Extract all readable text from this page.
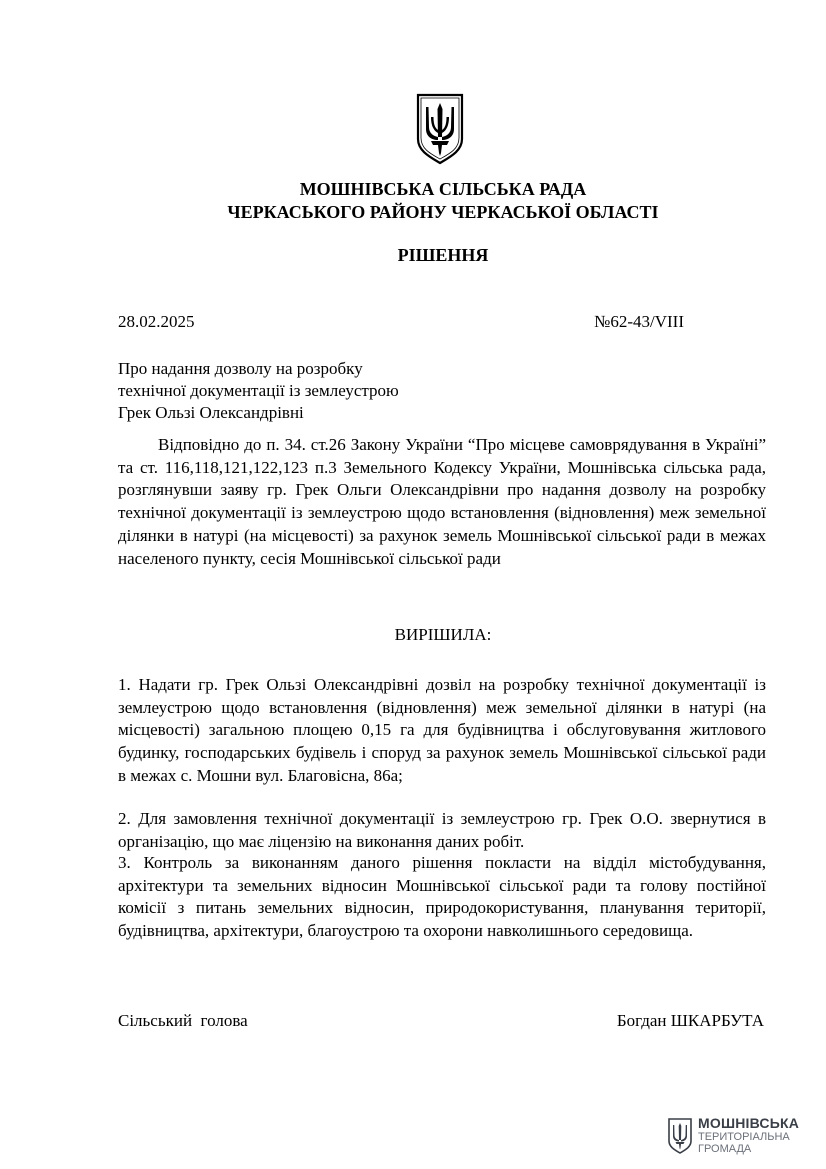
МОШНІВСЬКА СІЛЬСЬКА РАДА
ЧЕРКАСЬКОГО РАЙОНУ ЧЕРКАСЬКОЇ ОБЛАСТІ
РІШЕННЯ
28.02.2025	№62-43/VIII
Про надання дозволу на розробку
технічної документації із землеустрою
Грек Ользі Олександрівні

Відповідно до п. 34. ст.26 Закону України “Про місцеве самоврядування в Україні” та ст. 116,118,121,122,123 п.3 Земельного Кодексу України, Мошнівська сільська рада, розглянувши заяву гр. Грек Ольги Олександрівни про надання дозволу на розробку технічної документації із землеустрою щодо встановлення (відновлення) меж земельної ділянки в натурі (на місцевості) за рахунок земель Мошнівської сільської ради в межах населеного пункту, сесія Мошнівської сільської ради

ВИРІШИЛА:

1. Надати гр. Грек Ользі Олександрівні дозвіл на розробку технічної документації із землеустрою щодо встановлення (відновлення) меж земельної ділянки в натурі (на місцевості) загальною площею 0,15 га для будівництва і обслуговування житлового будинку, господарських будівель і споруд за рахунок земель Мошнівської сільської ради в межах с. Мошни вул. Благовісна, 86а;

2. Для замовлення технічної документації із землеустрою гр. Грек О.О. звернутися в організацію, що має ліцензію на виконання даних робіт.

3. Контроль за виконанням даного рішення покласти на відділ містобудування, архітектури та земельних відносин Мошнівської сільської ради та голову постійної комісії з питань земельних відносин, природокористування, планування території, будівництва, архітектури, благоустрою та охорони навколишнього середовища.

Сільський  голова	Богдан ШКАРБУТА
МОШНІВСЬКА
ТЕРИТОРІАЛЬНА
ГРОМАДА
